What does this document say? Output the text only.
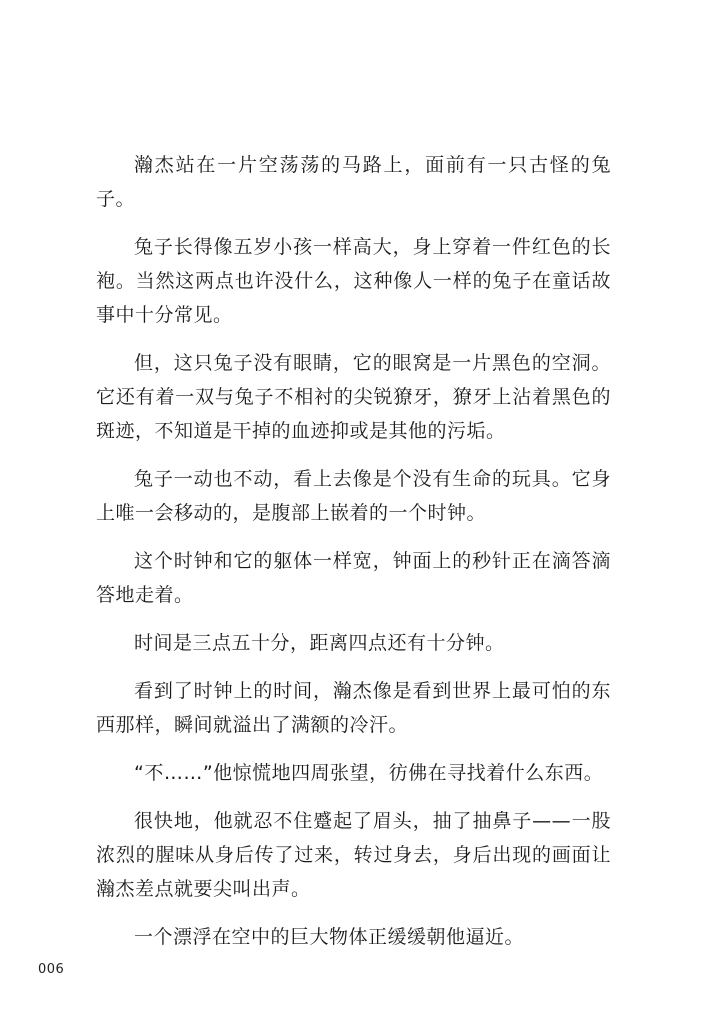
瀚杰站在一片空荡荡的马路上，面前有一只古怪的兔子。

兔子长得像五岁小孩一样高大，身上穿着一件红色的长袍。当然这两点也许没什么，这种像人一样的兔子在童话故事中十分常见。

但，这只兔子没有眼睛，它的眼窝是一片黑色的空洞。它还有着一双与兔子不相衬的尖锐獠牙，獠牙上沾着黑色的斑迹，不知道是干掉的血迹抑或是其他的污垢。

兔子一动也不动，看上去像是个没有生命的玩具。它身上唯一会移动的，是腹部上嵌着的一个时钟。

这个时钟和它的躯体一样宽，钟面上的秒针正在滴答滴答地走着。

时间是三点五十分，距离四点还有十分钟。

看到了时钟上的时间，瀚杰像是看到世界上最可怕的东西那样，瞬间就溢出了满额的冷汗。

“不……”他惊慌地四周张望，彷佛在寻找着什么东西。

很快地，他就忍不住蹙起了眉头，抽了抽鼻子——一股浓烈的腥味从身后传了过来，转过身去，身后出现的画面让瀚杰差点就要尖叫出声。

一个漂浮在空中的巨大物体正缓缓朝他逼近。

006
